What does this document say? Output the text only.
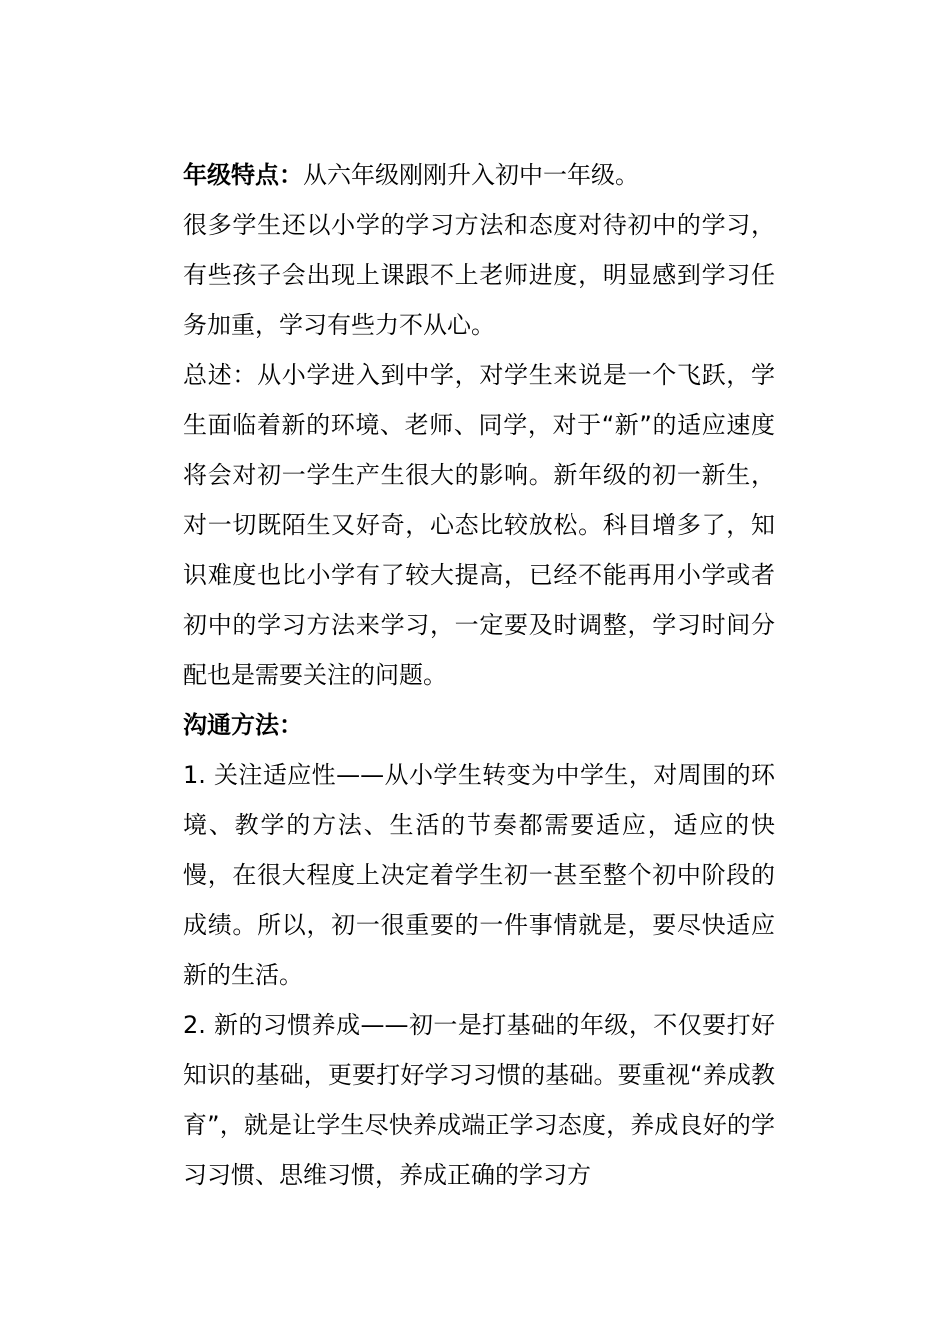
年级特点：从六年级刚刚升入初中一年级。

很多学生还以小学的学习方法和态度对待初中的学习，有些孩子会出现上课跟不上老师进度，明显感到学习任务加重，学习有些力不从心。

总述：从小学进入到中学，对学生来说是一个飞跃，学生面临着新的环境、老师、同学，对于“新”的适应速度将会对初一学生产生很大的影响。新年级的初一新生，对一切既陌生又好奇，心态比较放松。科目增多了，知识难度也比小学有了较大提高，已经不能再用小学或者初中的学习方法来学习，一定要及时调整，学习时间分配也是需要关注的问题。

沟通方法：

1. 关注适应性——从小学生转变为中学生，对周围的环境、教学的方法、生活的节奏都需要适应，适应的快慢，在很大程度上决定着学生初一甚至整个初中阶段的成绩。所以，初一很重要的一件事情就是，要尽快适应新的生活。

2. 新的习惯养成——初一是打基础的年级，不仅要打好知识的基础，更要打好学习习惯的基础。要重视“养成教育”，就是让学生尽快养成端正学习态度，养成良好的学习习惯、思维习惯，养成正确的学习方
